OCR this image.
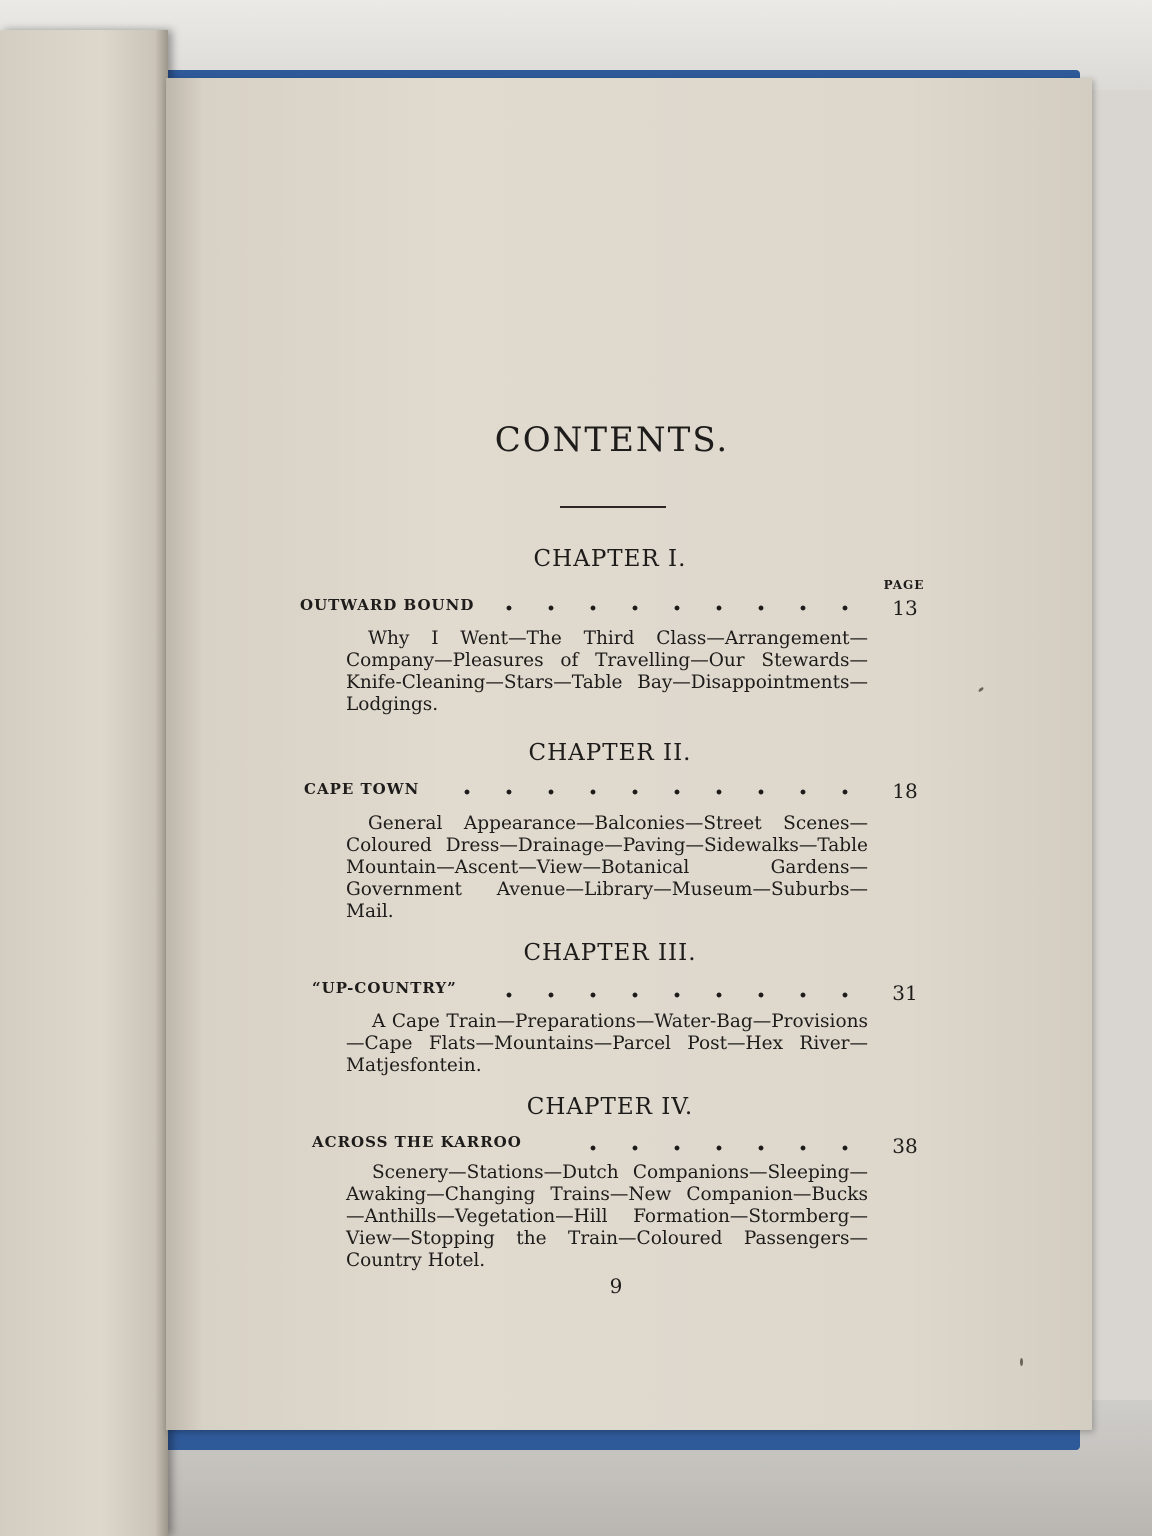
CONTENTS.
CHAPTER I.
PAGE
OUTWARD BOUND	13
Why I Went—The Third Class—Arrangement—Company—Pleasures of Travelling—Our Stewards—Knife-Cleaning—Stars—Table Bay—Disappointments—Lodgings.
CHAPTER II.
CAPE TOWN	18
General Appearance—Balconies—Street Scenes—Coloured Dress—Drainage—Paving—Sidewalks—Table Mountain—Ascent—View—Botanical Gardens—Government Avenue—Library—Museum—Suburbs—Mail.
CHAPTER III.
“UP-COUNTRY”	31
A Cape Train—Preparations—Water-Bag—Provisions—Cape Flats—Mountains—Parcel Post—Hex River—Matjesfontein.
CHAPTER IV.
ACROSS THE KARROO	38
Scenery—Stations—Dutch Companions—Sleeping—Awaking—Changing Trains—New Companion—Bucks—Anthills—Vegetation—Hill Formation—Stormberg—View—Stopping the Train—Coloured Passengers—Country Hotel.
9
